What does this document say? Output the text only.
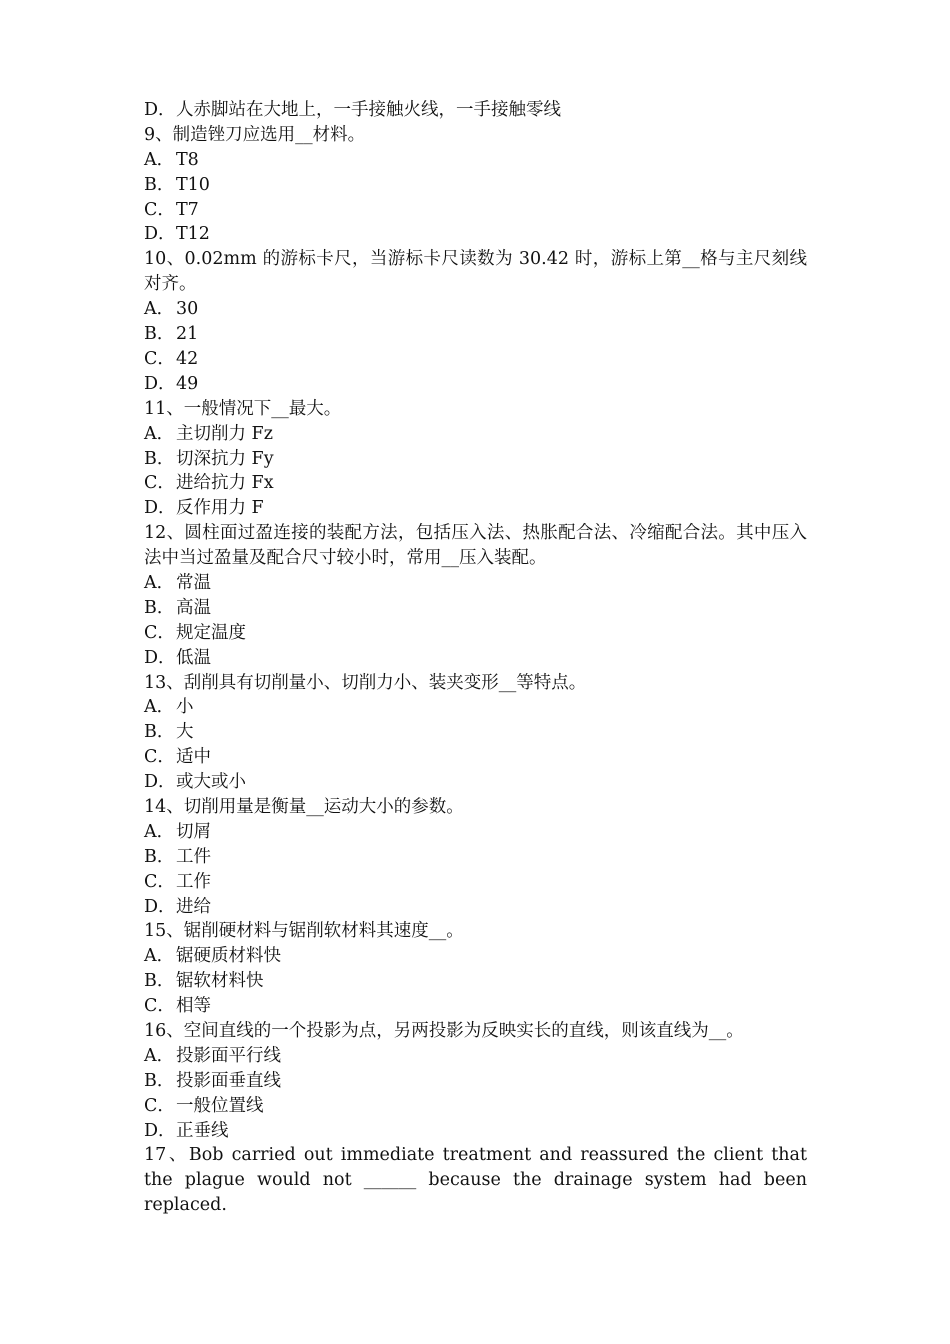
D．人赤脚站在大地上，一手接触火线，一手接触零线
9、制造锉刀应选用__材料。
A． T8
B．T10
C．T7
D．T12
10、0.02mm 的游标卡尺，当游标卡尺读数为 30.42 时，游标上第__格与主尺刻线对齐。
A． 30
B．21
C．42
D．49
11、一般情况下__最大。
A． 主切削力 Fz
B．切深抗力 Fy
C．进给抗力 Fx
D．反作用力 F
12、圆柱面过盈连接的装配方法，包括压入法、热胀配合法、冷缩配合法。其中压入法中当过盈量及配合尺寸较小时，常用__压入装配。
A． 常温
B．高温
C．规定温度
D．低温
13、刮削具有切削量小、切削力小、装夹变形__等特点。
A． 小
B．大
C．适中
D．或大或小
14、切削用量是衡量__运动大小的参数。
A． 切屑
B．工件
C．工作
D．进给
15、锯削硬材料与锯削软材料其速度__。
A． 锯硬质材料快
B．锯软材料快
C．相等
16、空间直线的一个投影为点，另两投影为反映实长的直线，则该直线为__。
A． 投影面平行线
B．投影面垂直线
C．一般位置线
D．正垂线
17、Bob carried out immediate treatment and reassured the client that the plague would not ______ because the drainage system had been replaced.
